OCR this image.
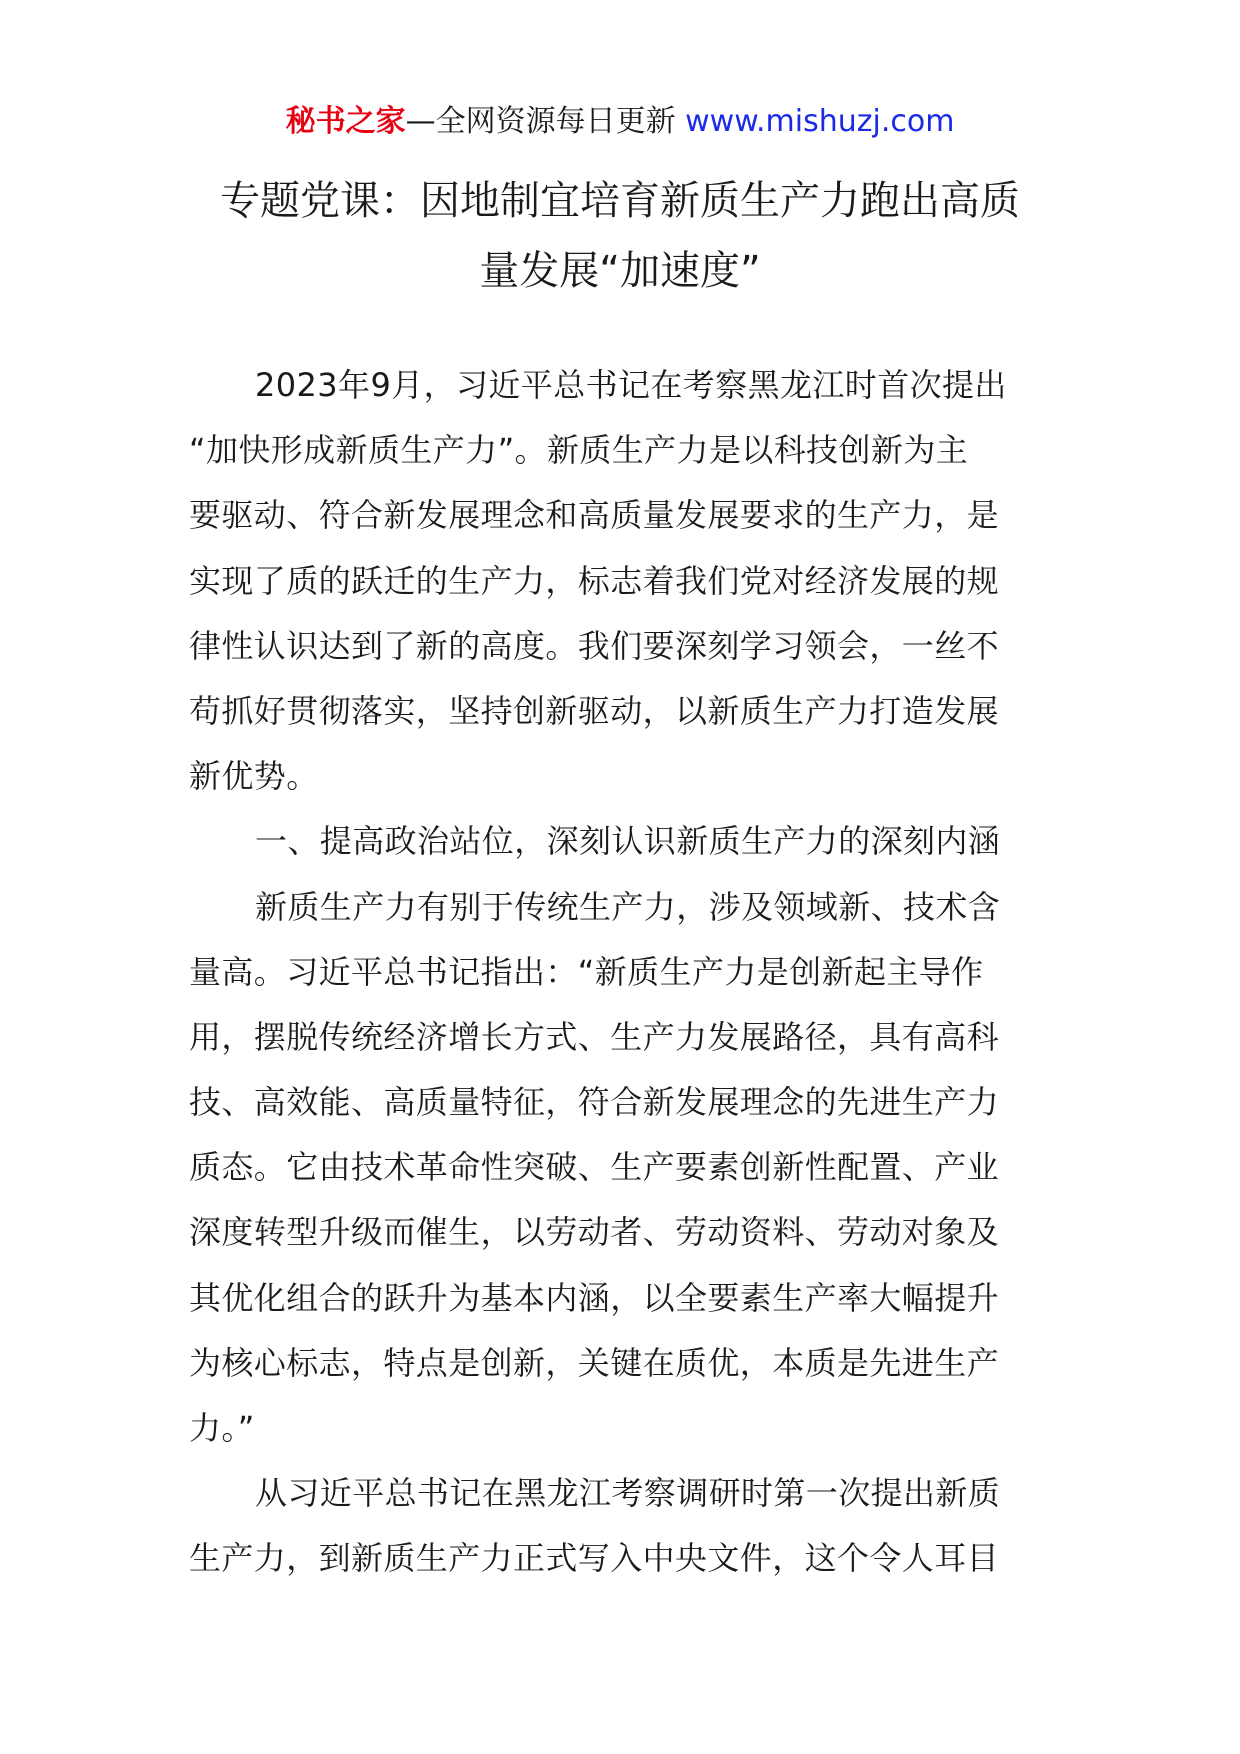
秘书之家—全网资源每日更新 www.mishuzj.com
专题党课：因地制宜培育新质生产力跑出高质
量发展“加速度”
2023年9月，习近平总书记在考察黑龙江时首次提出
“加快形成新质生产力”。新质生产力是以科技创新为主
要驱动、符合新发展理念和高质量发展要求的生产力，是
实现了质的跃迁的生产力，标志着我们党对经济发展的规
律性认识达到了新的高度。我们要深刻学习领会，一丝不
苟抓好贯彻落实，坚持创新驱动，以新质生产力打造发展
新优势。
一、提高政治站位，深刻认识新质生产力的深刻内涵
新质生产力有别于传统生产力，涉及领域新、技术含
量高。习近平总书记指出：“新质生产力是创新起主导作
用，摆脱传统经济增长方式、生产力发展路径，具有高科
技、高效能、高质量特征，符合新发展理念的先进生产力
质态。它由技术革命性突破、生产要素创新性配置、产业
深度转型升级而催生，以劳动者、劳动资料、劳动对象及
其优化组合的跃升为基本内涵，以全要素生产率大幅提升
为核心标志，特点是创新，关键在质优，本质是先进生产
力。”
从习近平总书记在黑龙江考察调研时第一次提出新质
生产力，到新质生产力正式写入中央文件，这个令人耳目
